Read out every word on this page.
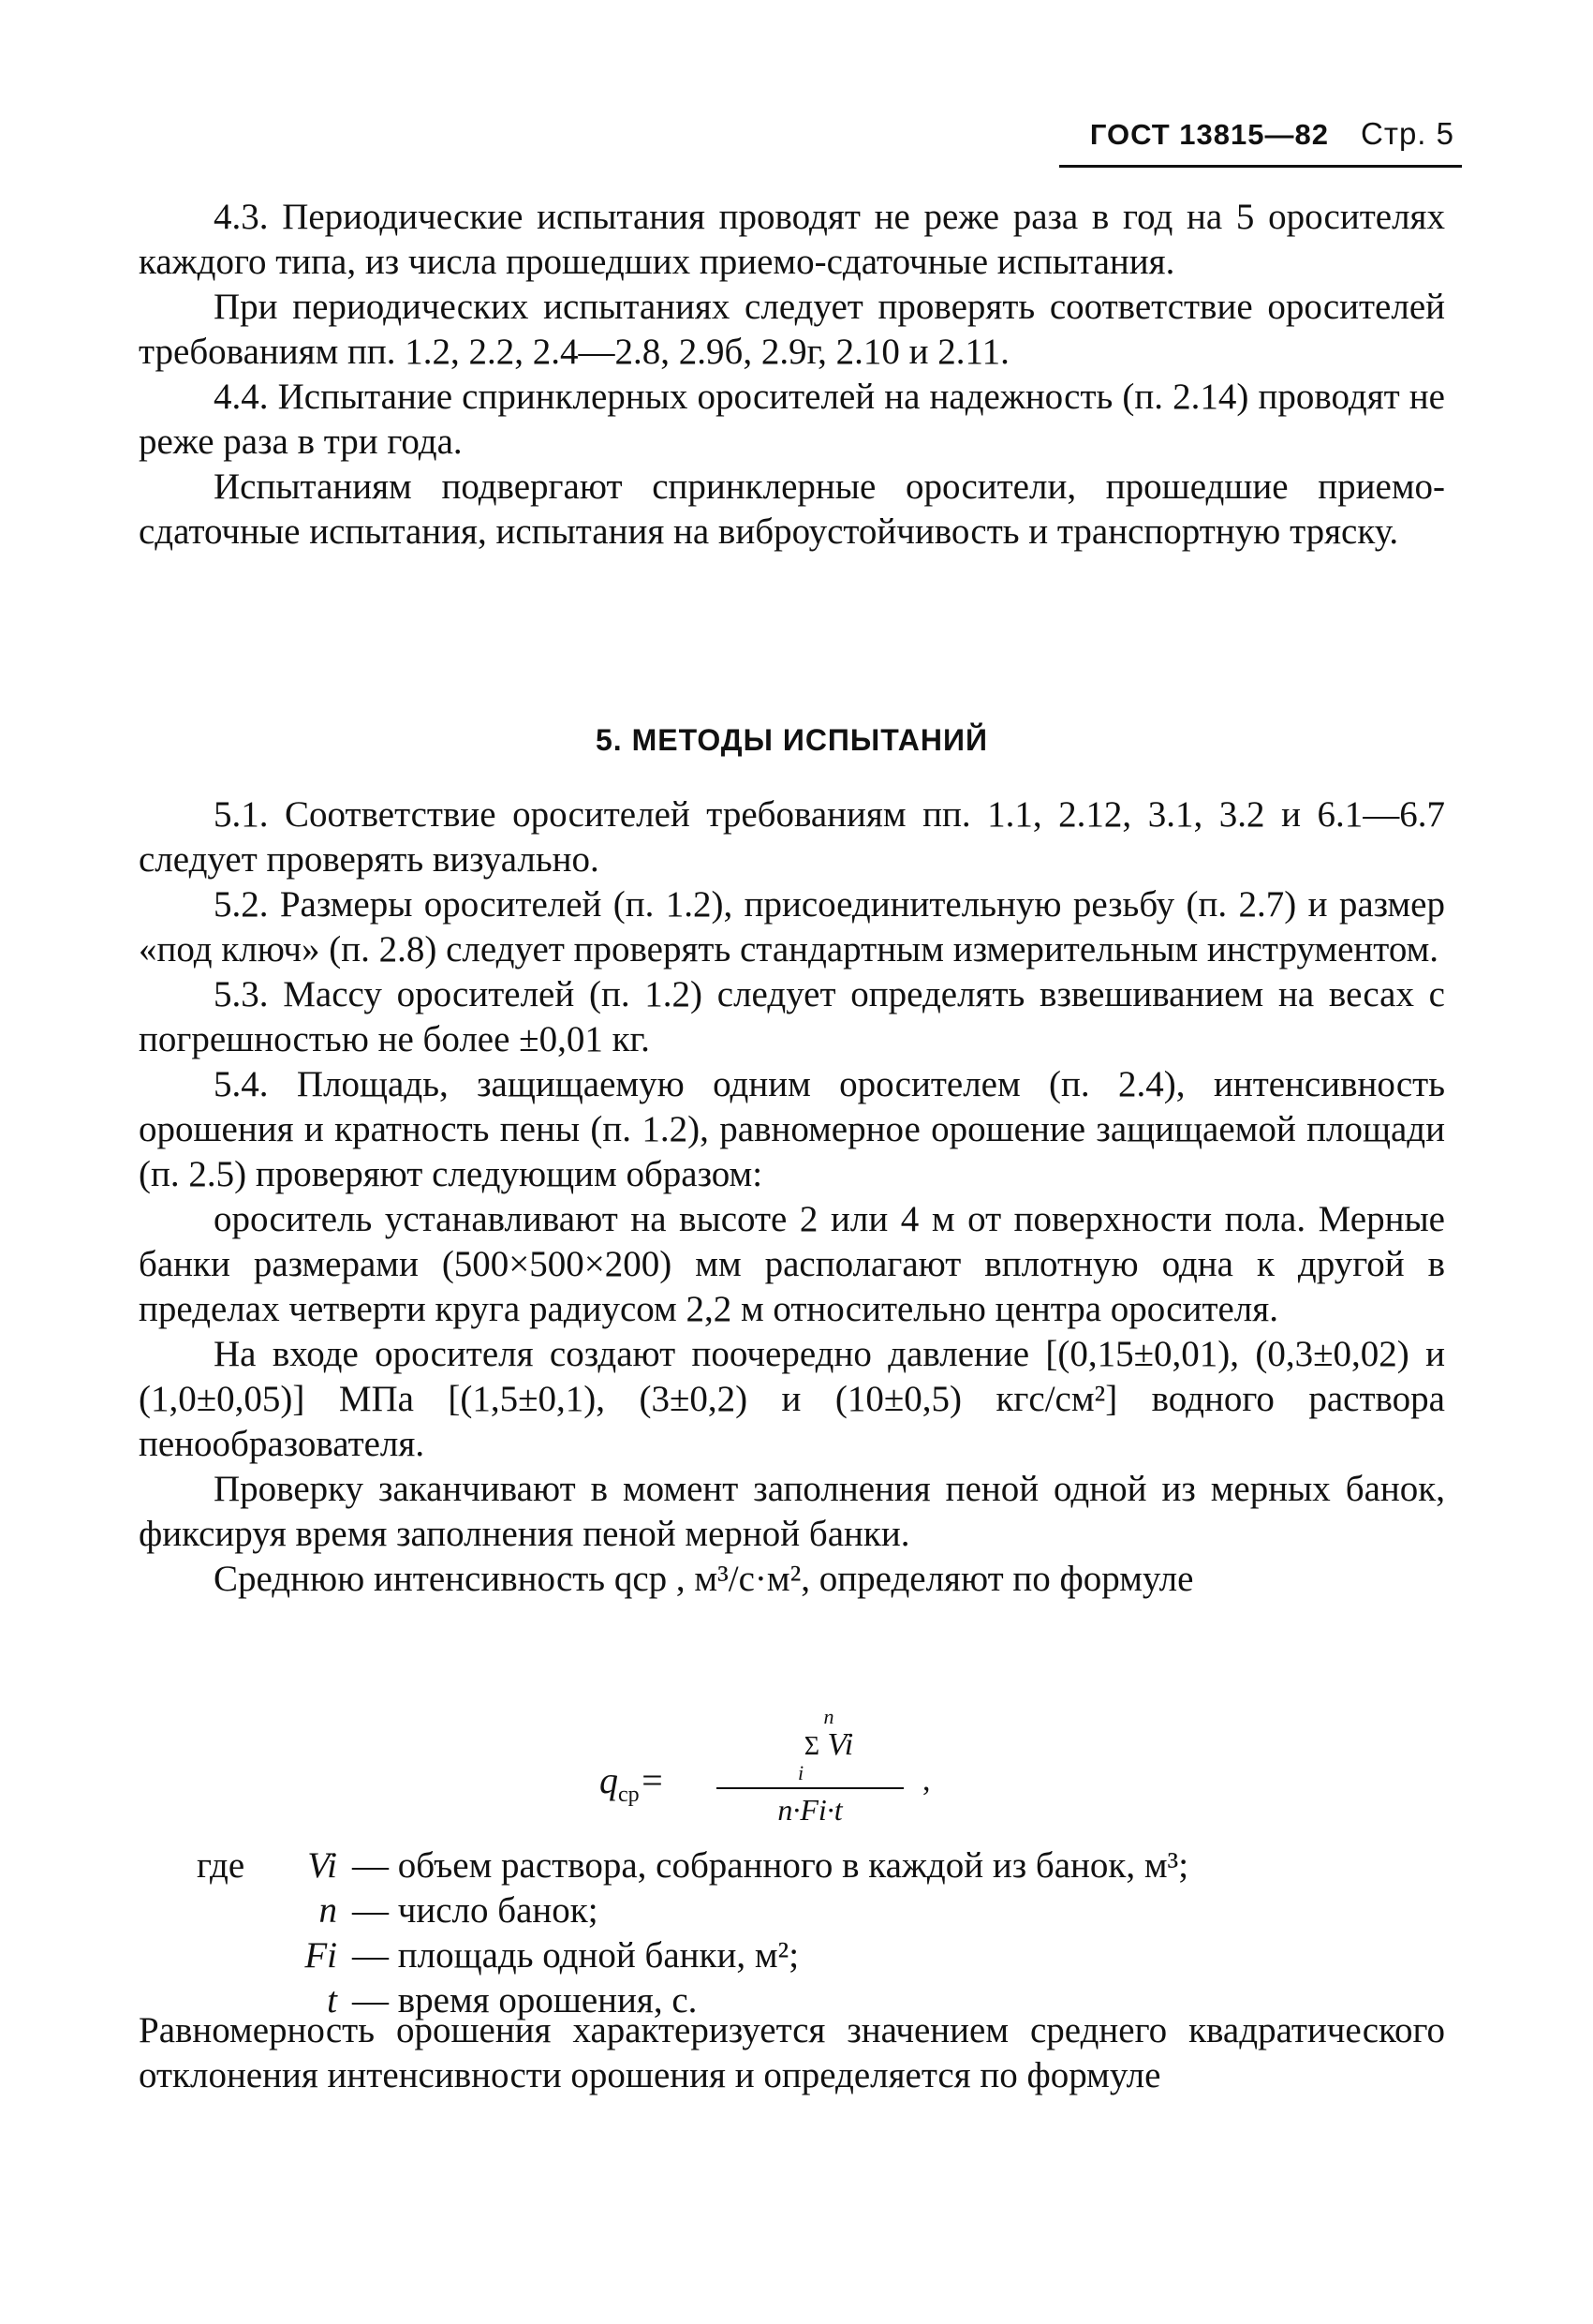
ГОСТ 13815—82 Стр. 5

4.3. Периодические испытания проводят не реже раза в год на 5 оросителях каждого типа, из числа прошедших приемо-сдаточные испытания.

При периодических испытаниях следует проверять соответствие оросителей требованиям пп. 1.2, 2.2, 2.4—2.8, 2.9б, 2.9г, 2.10 и 2.11.

4.4. Испытание спринклерных оросителей на надежность (п. 2.14) проводят не реже раза в три года.

Испытаниям подвергают спринклерные оросители, прошедшие приемо-сдаточные испытания, испытания на виброустойчивость и транспортную тряску.

5. МЕТОДЫ ИСПЫТАНИЙ

5.1. Соответствие оросителей требованиям пп. 1.1, 2.12, 3.1, 3.2 и 6.1—6.7 следует проверять визуально.

5.2. Размеры оросителей (п. 1.2), присоединительную резьбу (п. 2.7) и размер «под ключ» (п. 2.8) следует проверять стандартным измерительным инструментом.

5.3. Массу оросителей (п. 1.2) следует определять взвешиванием на весах с погрешностью не более ±0,01 кг.

5.4. Площадь, защищаемую одним оросителем (п. 2.4), интенсивность орошения и кратность пены (п. 1.2), равномерное орошение защищаемой площади (п. 2.5) проверяют следующим образом:

ороситель устанавливают на высоте 2 или 4 м от поверхности пола. Мерные банки размерами (500×500×200) мм располагают вплотную одна к другой в пределах четверти круга радиусом 2,2 м относительно центра оросителя.

На входе оросителя создают поочередно давление [(0,15±0,01), (0,3±0,02) и (1,0±0,05)] МПа [(1,5±0,1), (3±0,2) и (10±0,5) кгс/см²] водного раствора пенообразователя.

Проверку заканчивают в момент заполнения пеной одной из мерных банок, фиксируя время заполнения пеной мерной банки.

Среднюю интенсивность qср , м³/с·м², определяют по формуле

$q_{ср}=$
n
Σ Vi
i
n·Fi·t
,
где Vi — объем раствора, собранного в каждой из банок, м³;
n — число банок;
Fi — площадь одной банки, м²;
t — время орошения, с.

Равномерность орошения характеризуется значением среднего квадратического отклонения интенсивности орошения и определяется по формуле
